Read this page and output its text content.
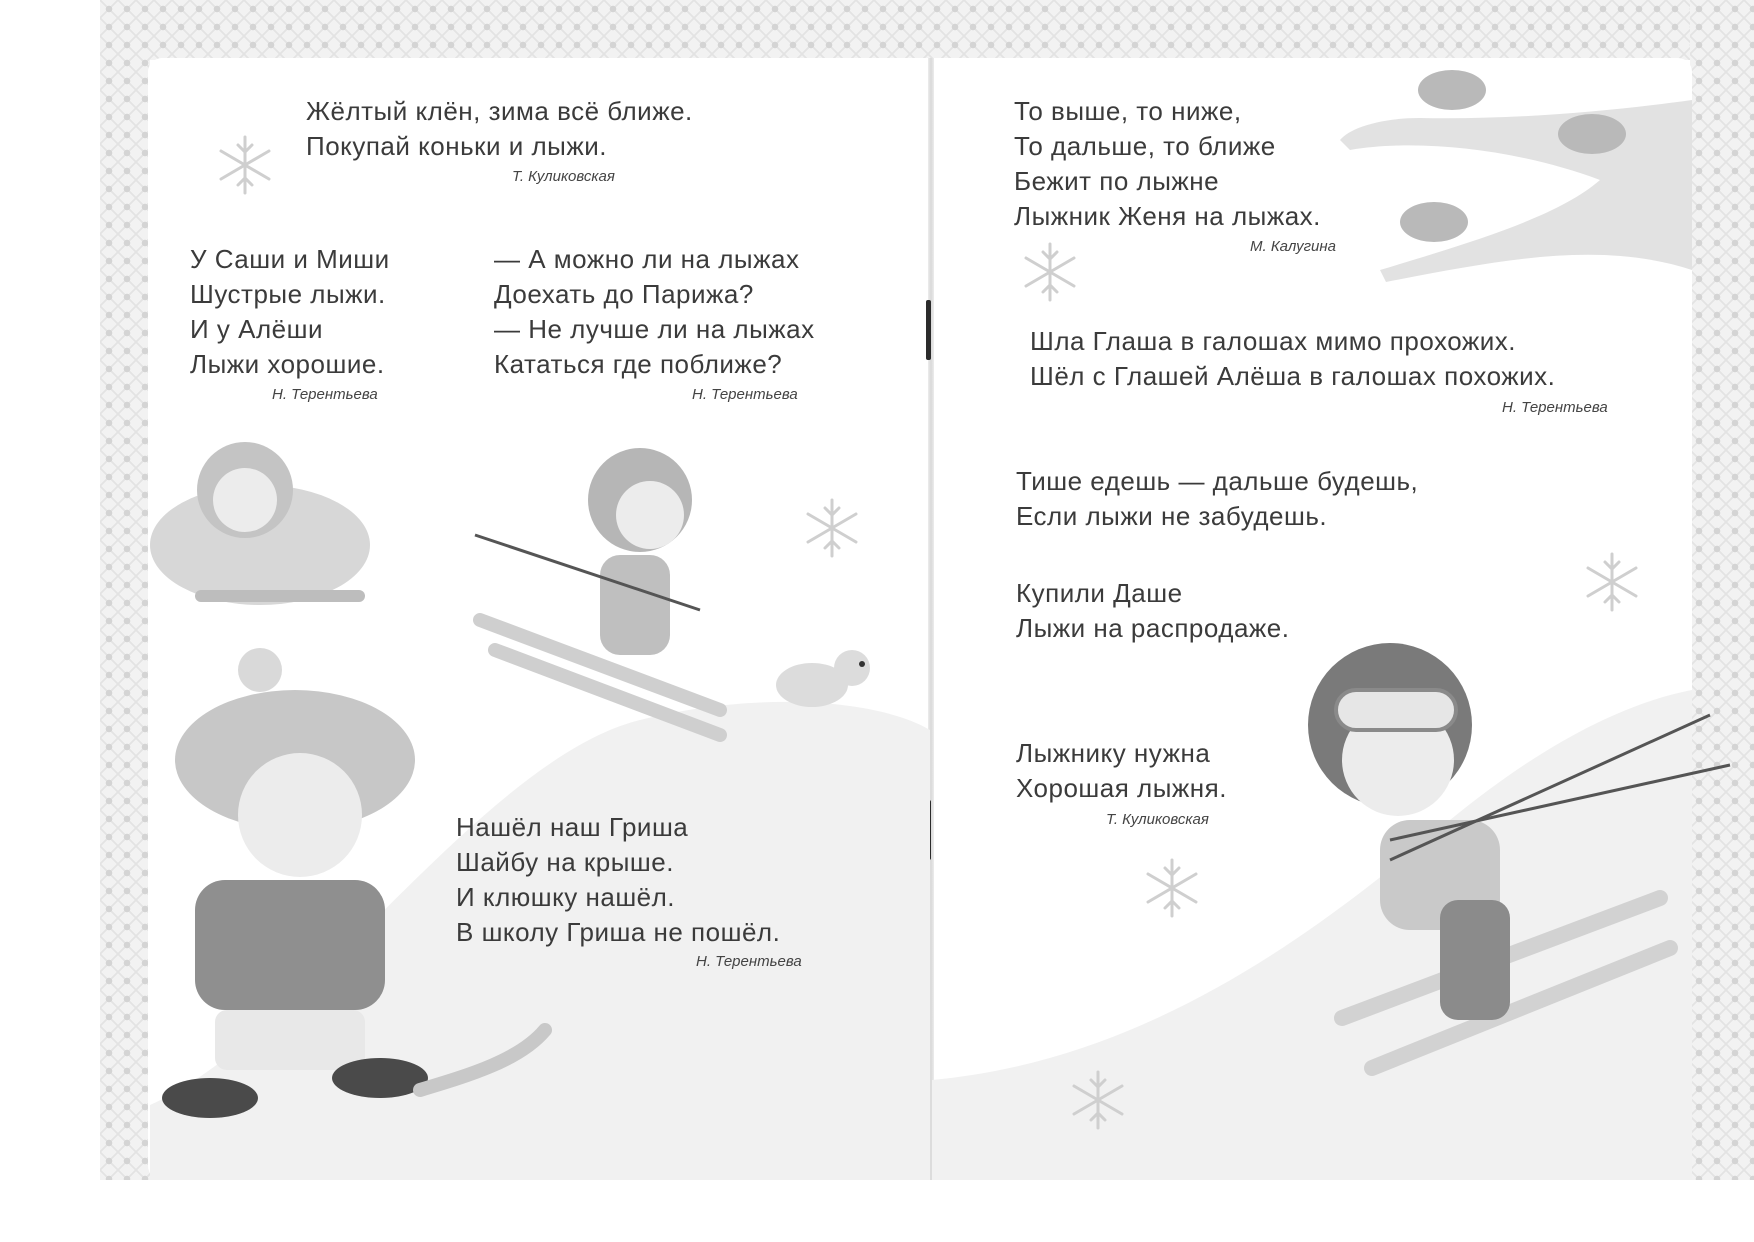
Жёлтый клён, зима всё ближе.
Покупай коньки и лыжи.
Т. Куликовская
У Саши и Миши
Шустрые лыжи.
И у Алёши
Лыжи хорошие.
Н. Терентьева
— А можно ли на лыжах
Доехать до Парижа?
— Не лучше ли на лыжах
Кататься где поближе?
Н. Терентьева
Нашёл наш Гриша
Шайбу на крыше.
И клюшку нашёл.
В школу Гриша не пошёл.
Н. Терентьева
То выше, то ниже,
То дальше, то ближе
Бежит по лыжне
Лыжник Женя на лыжах.
М. Калугина
Шла Глаша в галошах мимо прохожих.
Шёл с Глашей Алёша в галошах похожих.
Н. Терентьева
Тише едешь — дальше будешь,
Если лыжи не забудешь.
Купили Даше
Лыжи на распродаже.
Лыжнику нужна
Хорошая лыжня.
Т. Куликовская
